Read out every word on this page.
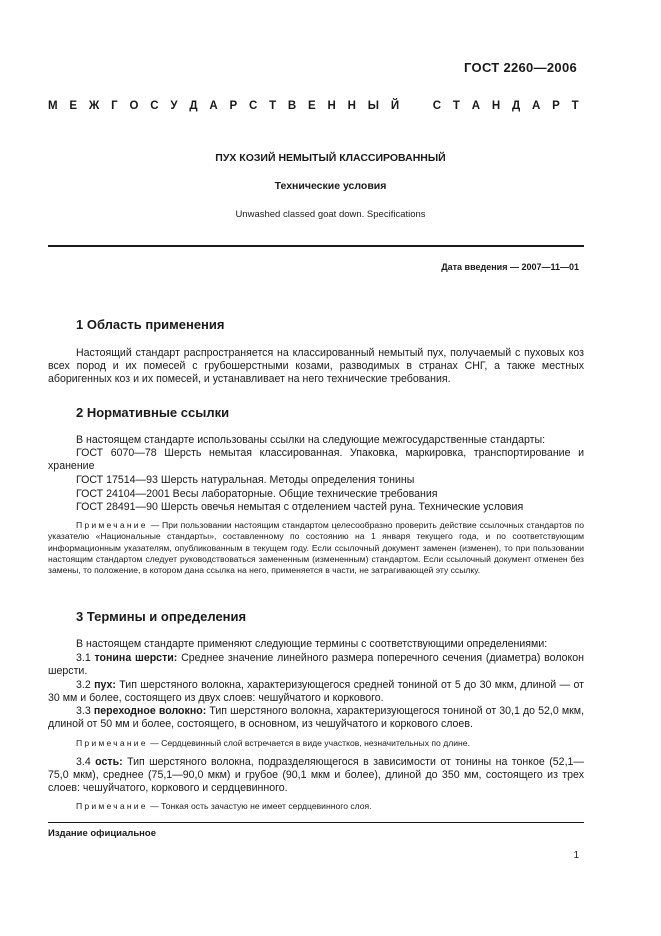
ГОСТ 2260—2006
М Е Ж Г О С У Д А Р С Т В Е Н Н Ы Й	С Т А Н Д А Р Т
ПУХ КОЗИЙ НЕМЫТЫЙ КЛАССИРОВАННЫЙ
Технические условия
Unwashed classed goat down. Specifications
Дата введения — 2007—11—01
1 Область применения
Настоящий стандарт распространяется на классированный немытый пух, получаемый с пуховых коз всех пород и их помесей с грубошерстными козами, разводимых в странах СНГ, а также местных аборигенных коз и их помесей, и устанавливает на него технические требования.
2 Нормативные ссылки
В настоящем стандарте использованы ссылки на следующие межгосударственные стандарты:
ГОСТ 6070—78 Шерсть немытая классированная. Упаковка, маркировка, транспортирование и хранение
ГОСТ 17514—93 Шерсть натуральная. Методы определения тонины
ГОСТ 24104—2001 Весы лабораторные. Общие технические требования
ГОСТ 28491—90 Шерсть овечья немытая с отделением частей руна. Технические условия
Примечание — При пользовании настоящим стандартом целесообразно проверить действие ссылочных стандартов по указателю «Национальные стандарты», составленному по состоянию на 1 января текущего года, и по соответствующим информационным указателям, опубликованным в текущем году. Если ссылочный документ заменен (изменен), то при пользовании настоящим стандартом следует руководствоваться замененным (измененным) стандартом. Если ссылочный документ отменен без замены, то положение, в котором дана ссылка на него, применяется в части, не затрагивающей эту ссылку.
3 Термины и определения
В настоящем стандарте применяют следующие термины с соответствующими определениями:
3.1 тонина шерсти: Среднее значение линейного размера поперечного сечения (диаметра) волокон шерсти.
3.2 пух: Тип шерстяного волокна, характеризующегося средней тониной от 5 до 30 мкм, длиной — от 30 мм и более, состоящего из двух слоев: чешуйчатого и коркового.
3.3 переходное волокно: Тип шерстяного волокна, характеризующегося тониной от 30,1 до 52,0 мкм, длиной от 50 мм и более, состоящего, в основном, из чешуйчатого и коркового слоев.
Примечание — Сердцевинный слой встречается в виде участков, незначительных по длине.
3.4 ость: Тип шерстяного волокна, подразделяющегося в зависимости от тонины на тонкое (52,1—75,0 мкм), среднее (75,1—90,0 мкм) и грубое (90,1 мкм и более), длиной до 350 мм, состоящего из трех слоев: чешуйчатого, коркового и сердцевинного.
Примечание — Тонкая ость зачастую не имеет сердцевинного слоя.
Издание официальное
1
